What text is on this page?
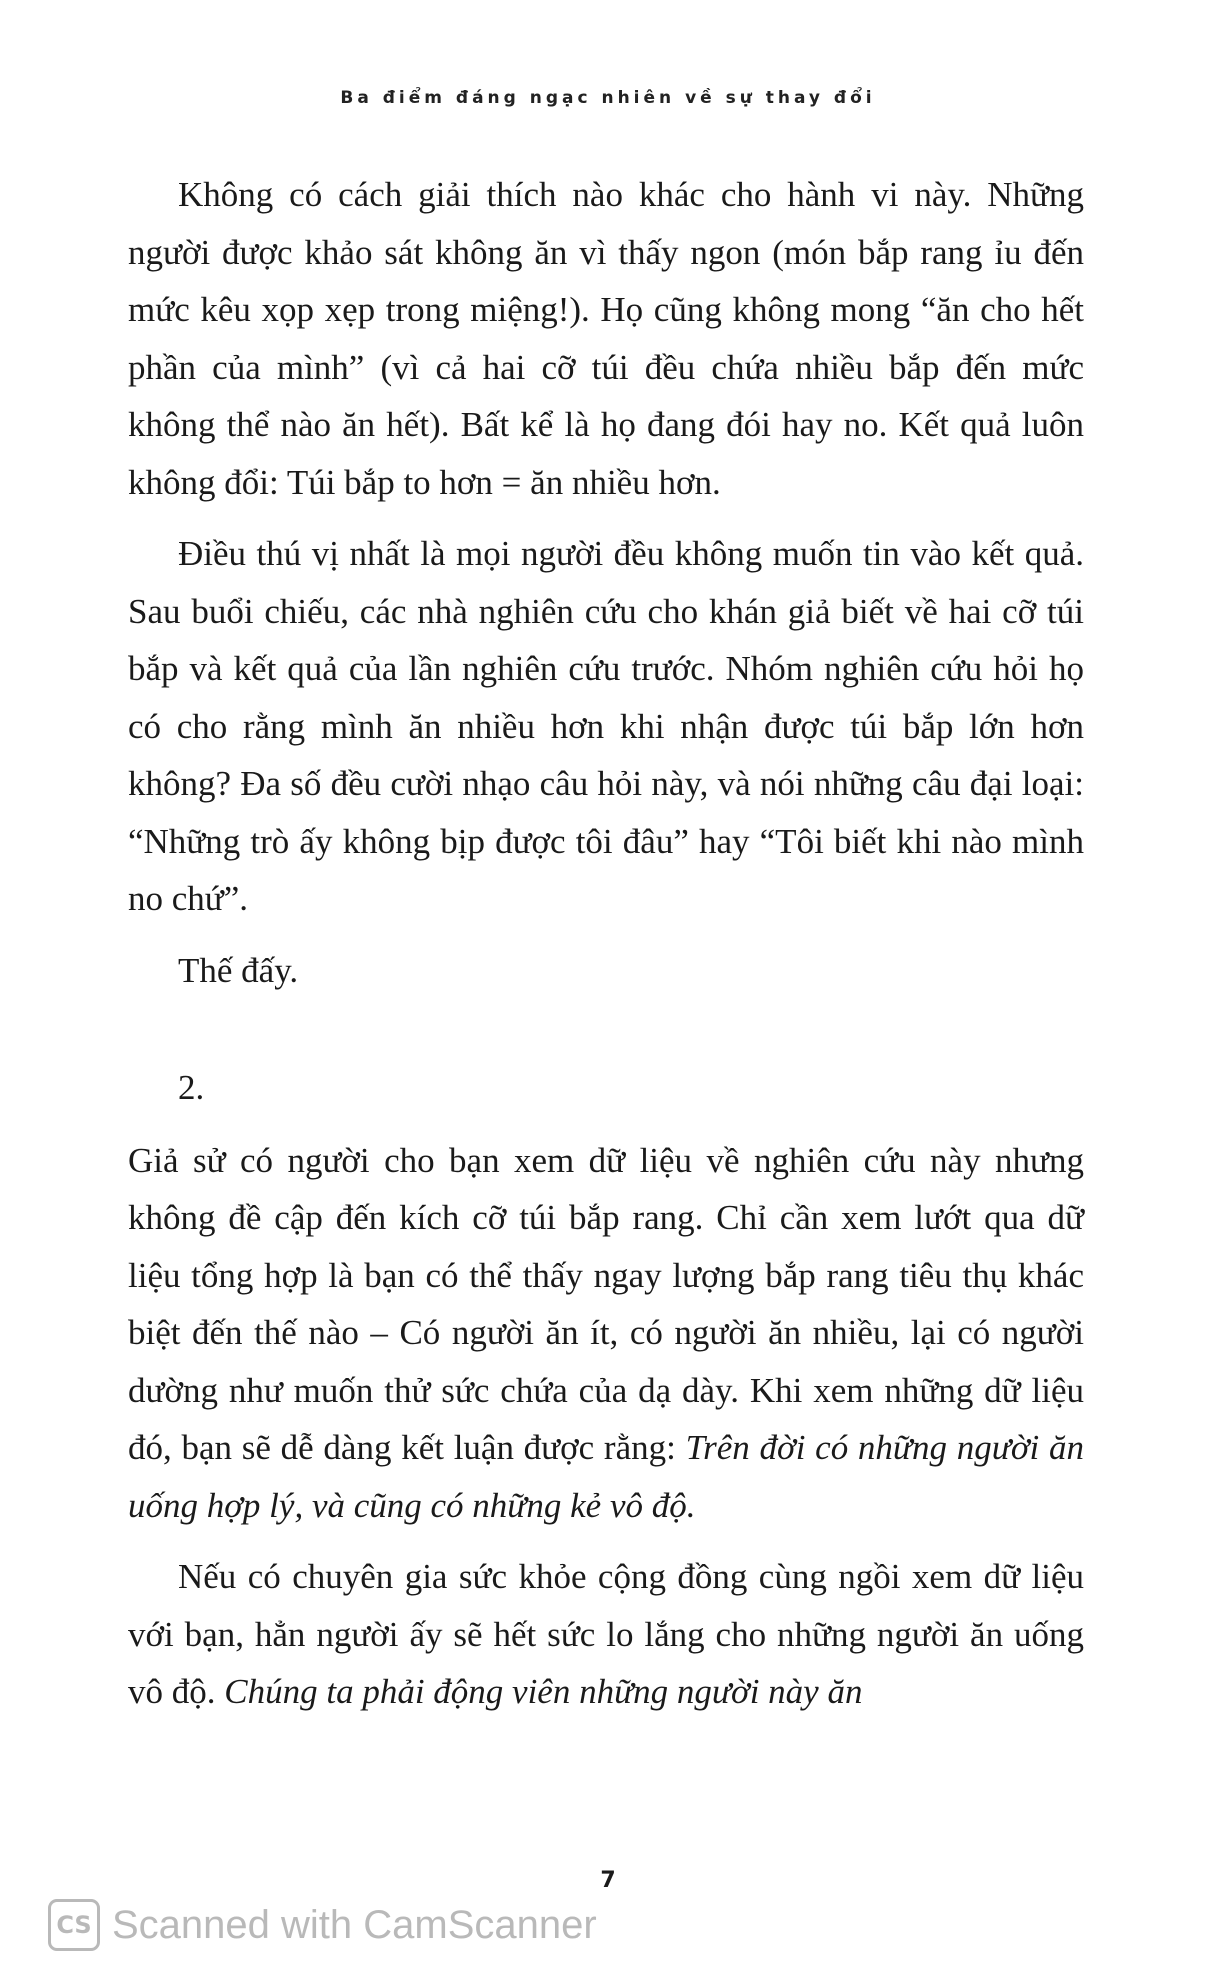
Ba điểm đáng ngạc nhiên về sự thay đổi

Không có cách giải thích nào khác cho hành vi này. Những người được khảo sát không ăn vì thấy ngon (món bắp rang ỉu đến mức kêu xọp xẹp trong miệng!). Họ cũng không mong “ăn cho hết phần của mình” (vì cả hai cỡ túi đều chứa nhiều bắp đến mức không thể nào ăn hết). Bất kể là họ đang đói hay no. Kết quả luôn không đổi: Túi bắp to hơn = ăn nhiều hơn.

Điều thú vị nhất là mọi người đều không muốn tin vào kết quả. Sau buổi chiếu, các nhà nghiên cứu cho khán giả biết về hai cỡ túi bắp và kết quả của lần nghiên cứu trước. Nhóm nghiên cứu hỏi họ có cho rằng mình ăn nhiều hơn khi nhận được túi bắp lớn hơn không? Đa số đều cười nhạo câu hỏi này, và nói những câu đại loại: “Những trò ấy không bịp được tôi đâu” hay “Tôi biết khi nào mình no chứ”.

Thế đấy.

2.

Giả sử có người cho bạn xem dữ liệu về nghiên cứu này nhưng không đề cập đến kích cỡ túi bắp rang. Chỉ cần xem lướt qua dữ liệu tổng hợp là bạn có thể thấy ngay lượng bắp rang tiêu thụ khác biệt đến thế nào – Có người ăn ít, có người ăn nhiều, lại có người dường như muốn thử sức chứa của dạ dày. Khi xem những dữ liệu đó, bạn sẽ dễ dàng kết luận được rằng: Trên đời có những người ăn uống hợp lý, và cũng có những kẻ vô độ.

Nếu có chuyên gia sức khỏe cộng đồng cùng ngồi xem dữ liệu với bạn, hẳn người ấy sẽ hết sức lo lắng cho những người ăn uống vô độ. Chúng ta phải động viên những người này ăn

7
CS Scanned with CamScanner
